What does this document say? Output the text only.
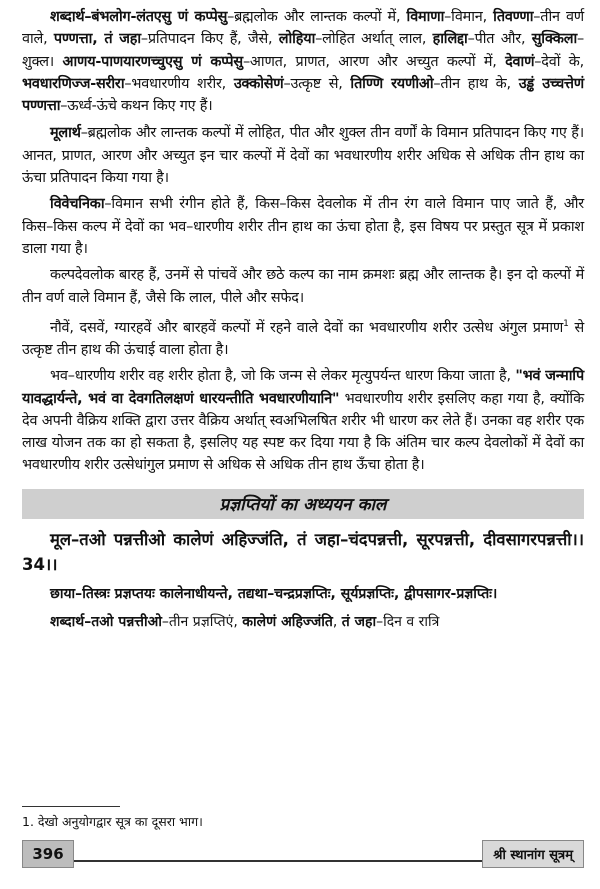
शब्दार्थ–बंभलोग-लंतएसु णं कप्पेसु–ब्रह्मलोक और लान्तक कल्पों में, विमाणा–विमान, तिवण्णा–तीन वर्ण वाले, पण्णत्ता, तं जहा–प्रतिपादन किए हैं, जैसे, लोहिया–लोहित अर्थात् लाल, हालिद्दा–पीत और, सुक्किला–शुक्ल। आणय-पाणयारणच्चुएसु णं कप्पेसु–आणत, प्राणत, आरण और अच्युत कल्पों में, देवाणं–देवों के, भवधारणिज्ज-सरीरा–भवधारणीय शरीर, उक्कोसेणं–उत्कृष्ट से, तिण्णि रयणीओ–तीन हाथ के, उड्ढं उच्चत्तेणं पण्णत्ता–ऊर्ध्व-ऊंचे कथन किए गए हैं।

मूलार्थ–ब्रह्मलोक और लान्तक कल्पों में लोहित, पीत और शुक्ल तीन वर्णों के विमान प्रतिपादन किए गए हैं। आनत, प्राणत, आरण और अच्युत इन चार कल्पों में देवों का भवधारणीय शरीर अधिक से अधिक तीन हाथ का ऊंचा प्रतिपादन किया गया है।

विवेचनिका–विमान सभी रंगीन होते हैं, किस–किस देवलोक में तीन रंग वाले विमान पाए जाते हैं, और किस–किस कल्प में देवों का भव–धारणीय शरीर तीन हाथ का ऊंचा होता है, इस विषय पर प्रस्तुत सूत्र में प्रकाश डाला गया है।

कल्पदेवलोक बारह हैं, उनमें से पांचवें और छठे कल्प का नाम क्रमशः ब्रह्म और लान्तक है। इन दो कल्पों में तीन वर्ण वाले विमान हैं, जैसे कि लाल, पीले और सफेद।

नौवें, दसवें, ग्यारहवें और बारहवें कल्पों में रहने वाले देवों का भवधारणीय शरीर उत्सेध अंगुल प्रमाण$^1$ से उत्कृष्ट तीन हाथ की ऊंचाई वाला होता है।

भव–धारणीय शरीर वह शरीर होता है, जो कि जन्म से लेकर मृत्युपर्यन्त धारण किया जाता है, "भवं जन्मापि यावद्धार्यन्ते, भवं वा देवगतिलक्षणं धारयन्तीति भवधारणीयानि" भवधारणीय शरीर इसलिए कहा गया है, क्योंकि देव अपनी वैक्रिय शक्ति द्वारा उत्तर वैक्रिय अर्थात् स्वअभिलषित शरीर भी धारण कर लेते हैं। उनका वह शरीर एक लाख योजन तक का हो सकता है, इसलिए यह स्पष्ट कर दिया गया है कि अंतिम चार कल्प देवलोकों में देवों का भवधारणीय शरीर उत्सेधांगुल प्रमाण से अधिक से अधिक तीन हाथ ऊँचा होता है।

प्रज्ञप्तियों का अध्ययन काल
मूल–तओ पन्नत्तीओ कालेणं अहिज्जंति, तं जहा–चंदपन्नत्ती, सूरपन्नत्ती, दीवसागरपन्नत्ती।।34।।
छाया–तिस्त्रः प्रज्ञप्तयः कालेनाधीयन्ते, तद्यथा–चन्द्रप्रज्ञप्तिः, सूर्यप्रज्ञप्तिः, द्वीपसागर-प्रज्ञप्तिः।
शब्दार्थ–तओ पन्नत्तीओ–तीन प्रज्ञप्तिएं, कालेणं अहिज्जंति, तं जहा–दिन व रात्रि
1. देखो अनुयोगद्वार सूत्र का दूसरा भाग।
396	श्री स्थानांग सूत्रम्
